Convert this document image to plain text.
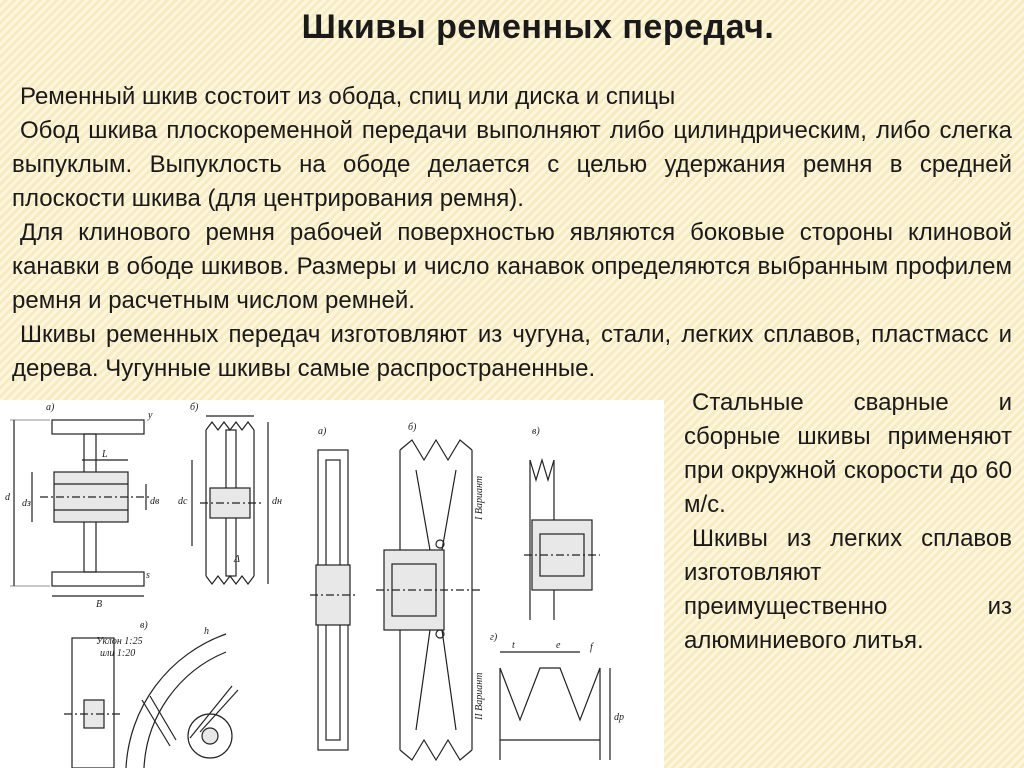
Шкивы ременных передач.

Ременный шкив состоит из обода, спиц или диска и спицы

Обод шкива плоскоременной передачи выполняют либо цилиндрическим, либо слегка выпуклым. Выпуклость на ободе делается с целью удержания ремня в средней плоскости шкива (для центрирования ремня).

Для клинового ремня рабочей поверхностью являются боковые стороны клиновой канавки в ободе шкивов. Размеры и число канавок определяются выбранным профилем ремня и расчетным числом ремней.

Шкивы ременных передач изготовляют из чугуна, стали, легких сплавов, пластмасс и дерева. Чугунные шкивы самые распространенные.

Стальные сварные и сборные шкивы применяют при окружной скорости до 60 м/с.

Шкивы из легких сплавов изготовляют преимущественно из алюминиевого литья.

а)
d
dз	dв
B
L
s
y
б)
dс	dн
Δ
в)
Уклон 1:25
или 1:20
h
а)	б)
I Вариант
II Вариант
в)
г)
t	e	f
dр
